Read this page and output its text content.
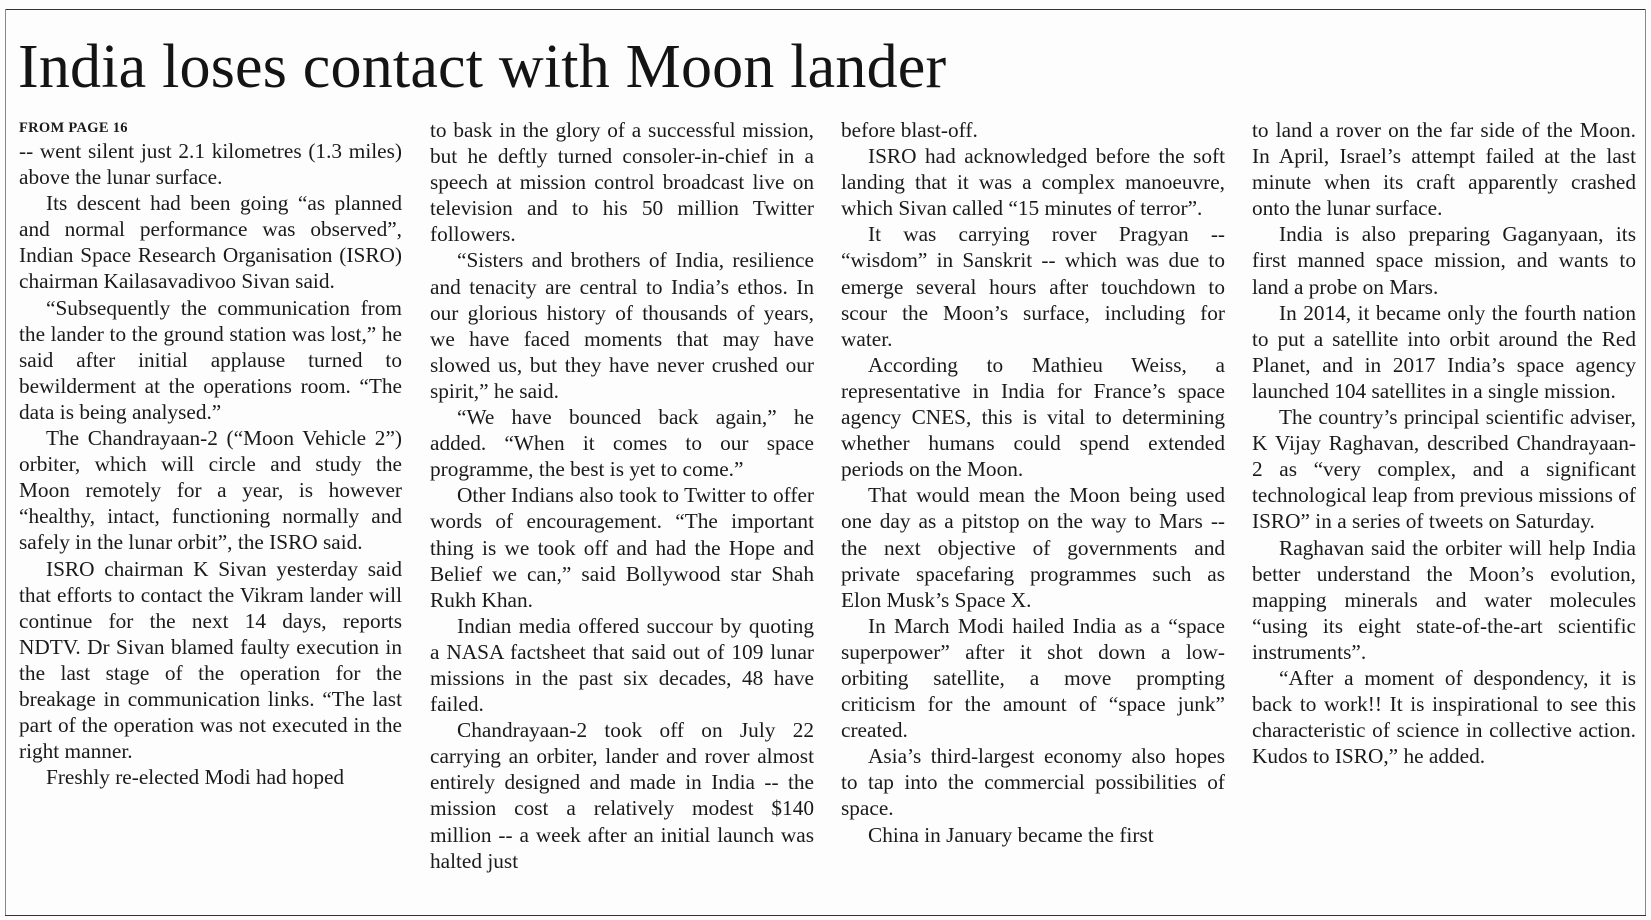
India loses contact with Moon lander
FROM PAGE 16

-- went silent just 2.1 kilometres (1.3 miles) above the lunar surface.

Its descent had been going “as planned and normal performance was observed”, Indian Space Research Organisation (ISRO) chairman Kailasavadivoo Sivan said.

“Subsequently the communication from the lander to the ground station was lost,” he said after initial applause turned to bewilderment at the operations room. “The data is being analysed.”

The Chandrayaan-2 (“Moon Vehicle 2”) orbiter, which will circle and study the Moon remotely for a year, is however “healthy, intact, functioning normally and safely in the lunar orbit”, the ISRO said.

ISRO chairman K Sivan yesterday said that efforts to contact the Vikram lander will continue for the next 14 days, reports NDTV. Dr Sivan blamed faulty execution in the last stage of the operation for the breakage in communication links. “The last part of the operation was not executed in the right manner.

Freshly re-elected Modi had hoped

to bask in the glory of a successful mission, but he deftly turned consoler-in-chief in a speech at mission control broadcast live on television and to his 50 million Twitter followers.

“Sisters and brothers of India, resilience and tenacity are central to India’s ethos. In our glorious history of thousands of years, we have faced moments that may have slowed us, but they have never crushed our spirit,” he said.

“We have bounced back again,” he added. “When it comes to our space programme, the best is yet to come.”

Other Indians also took to Twitter to offer words of encouragement. “The important thing is we took off and had the Hope and Belief we can,” said Bollywood star Shah Rukh Khan.

Indian media offered succour by quoting a NASA factsheet that said out of 109 lunar missions in the past six decades, 48 have failed.

Chandrayaan-2 took off on July 22 carrying an orbiter, lander and rover almost entirely designed and made in India -- the mission cost a relatively modest $140 million -- a week after an initial launch was halted just

before blast-off.

ISRO had acknowledged before the soft landing that it was a complex manoeuvre, which Sivan called “15 minutes of terror”.

It was carrying rover Pragyan -- “wisdom” in Sanskrit -- which was due to emerge several hours after touchdown to scour the Moon’s surface, including for water.

According to Mathieu Weiss, a representative in India for France’s space agency CNES, this is vital to determining whether humans could spend extended periods on the Moon.

That would mean the Moon being used one day as a pitstop on the way to Mars -- the next objective of governments and private spacefaring programmes such as Elon Musk’s Space X.

In March Modi hailed India as a “space superpower” after it shot down a low-orbiting satellite, a move prompting criticism for the amount of “space junk” created.

Asia’s third-largest economy also hopes to tap into the commercial possibilities of space.

China in January became the first

to land a rover on the far side of the Moon. In April, Israel’s attempt failed at the last minute when its craft apparently crashed onto the lunar surface.

India is also preparing Gaganyaan, its first manned space mission, and wants to land a probe on Mars.

In 2014, it became only the fourth nation to put a satellite into orbit around the Red Planet, and in 2017 India’s space agency launched 104 satellites in a single mission.

The country’s principal scientific adviser, K Vijay Raghavan, described Chandrayaan-2 as “very complex, and a significant technological leap from previous missions of ISRO” in a series of tweets on Saturday.

Raghavan said the orbiter will help India better understand the Moon’s evolution, mapping minerals and water molecules “using its eight state-of-the-art scientific instruments”.

“After a moment of despondency, it is back to work!! It is inspirational to see this characteristic of science in collective action. Kudos to ISRO,” he added.
